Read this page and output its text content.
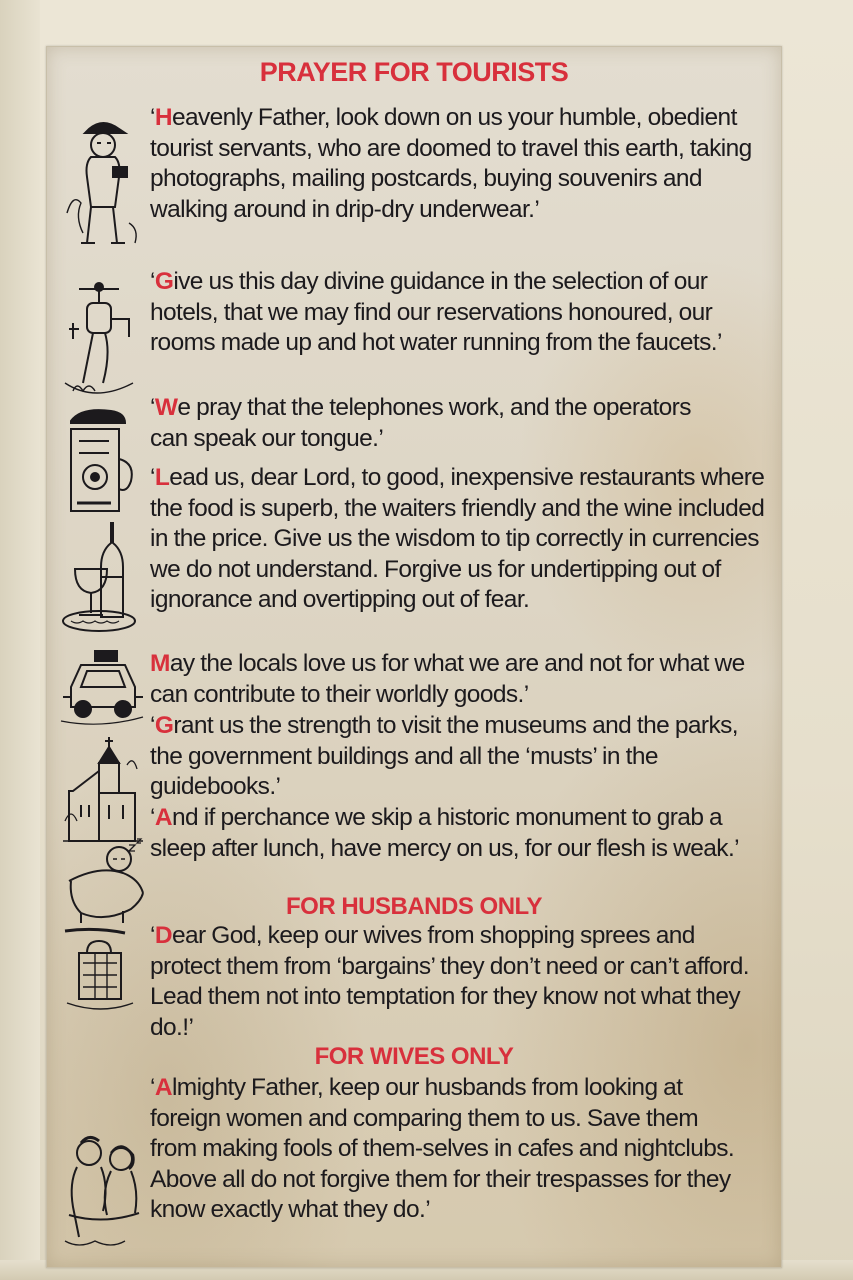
PRAYER FOR TOURISTS
‘Heavenly Father, look down on us your humble, obedient tourist servants, who are doomed to travel this earth, taking photographs, mailing postcards, buying souvenirs and walking around in drip-dry underwear.’
‘Give us this day divine guidance in the selection of our hotels, that we may find our reservations honoured, our rooms made up and hot water running from the faucets.’
‘We pray that the telephones work, and the operators can speak our tongue.’
‘Lead us, dear Lord, to good, inexpensive restaurants where the food is superb, the waiters friendly and the wine included in the price. Give us the wisdom to tip correctly in currencies we do not understand. Forgive us for undertipping out of ignorance and overtipping out of fear.
May the locals love us for what we are and not for what we can contribute to their worldly goods.’
‘Grant us the strength to visit the museums and the parks, the government buildings and all the ‘musts’ in the guidebooks.’
‘And if perchance we skip a historic monument to grab a sleep after lunch, have mercy on us, for our flesh is weak.’
FOR HUSBANDS ONLY
‘Dear God, keep our wives from shopping sprees and protect them from ‘bargains’ they don’t need or can’t afford. Lead them not into temptation for they know not what they do.!’
FOR WIVES ONLY
‘Almighty Father, keep our husbands from looking at foreign women and comparing them to us. Save them from making fools of them-selves in cafes and nightclubs. Above all do not forgive them for their trespasses for they know exactly what they do.’
